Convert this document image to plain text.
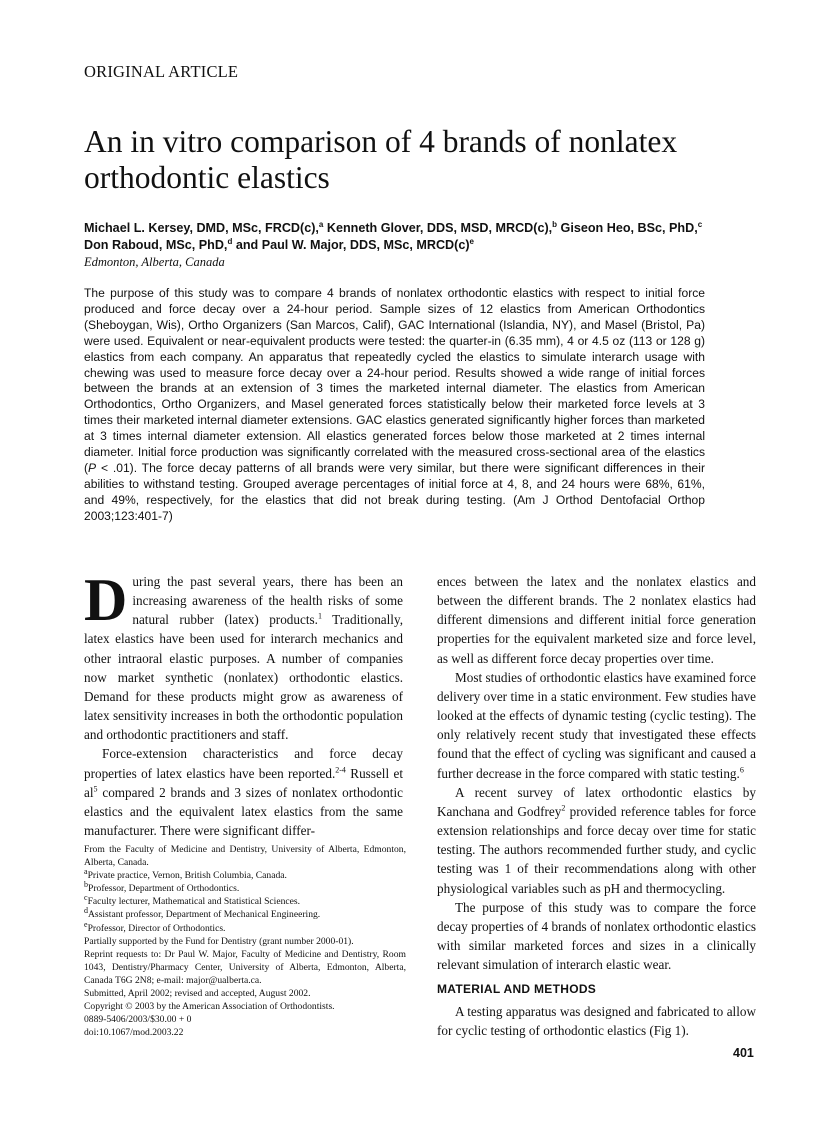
ORIGINAL ARTICLE
An in vitro comparison of 4 brands of nonlatex orthodontic elastics
Michael L. Kersey, DMD, MSc, FRCD(c),$^a$ Kenneth Glover, DDS, MSD, MRCD(c),$^b$ Giseon Heo, BSc, PhD,$^c$
Don Raboud, MSc, PhD,$^d$ and Paul W. Major, DDS, MSc, $MRCD(c)^e$
Edmonton, Alberta, Canada
The purpose of this study was to compare 4 brands of nonlatex orthodontic elastics with respect to initial force produced and force decay over a 24-hour period. Sample sizes of 12 elastics from American Orthodontics (Sheboygan, Wis), Ortho Organizers (San Marcos, Calif), GAC International (Islandia, NY), and Masel (Bristol, Pa) were used. Equivalent or near-equivalent products were tested: the quarter-in (6.35 mm), 4 or 4.5 oz (113 or 128 g) elastics from each company. An apparatus that repeatedly cycled the elastics to simulate interarch usage with chewing was used to measure force decay over a 24-hour period. Results showed a wide range of initial forces between the brands at an extension of 3 times the marketed internal diameter. The elastics from American Orthodontics, Ortho Organizers, and Masel generated forces statistically below their marketed force levels at 3 times their marketed internal diameter extensions. GAC elastics generated significantly higher forces than marketed at 3 times internal diameter extension. All elastics generated forces below those marketed at 2 times internal diameter. Initial force production was significantly correlated with the measured cross-sectional area of the elastics (P < .01). The force decay patterns of all brands were very similar, but there were significant differences in their abilities to withstand testing. Grouped average percentages of initial force at 4, 8, and 24 hours were 68%, 61%, and 49%, respectively, for the elastics that did not break during testing. (Am J Orthod Dentofacial Orthop 2003;123:401-7)

During the past several years, there has been an increasing awareness of the health risks of some natural rubber (latex) products.$^1$ Traditionally, latex elastics have been used for interarch mechanics and other intraoral elastic purposes. A number of companies now market synthetic (nonlatex) orthodontic elastics. Demand for these products might grow as awareness of latex sensitivity increases in both the orthodontic population and orthodontic practitioners and staff.

Force-extension characteristics and force decay properties of latex elastics have been reported.$^{2-4}$ Russell et $al^5$ compared 2 brands and 3 sizes of nonlatex orthodontic elastics and the equivalent latex elastics from the same manufacturer. There were significant differ-

From the Faculty of Medicine and Dentistry, University of Alberta, Edmonton, Alberta, Canada.
$^a$Private practice, Vernon, British Columbia, Canada.
$^b$Professor, Department of Orthodontics.
$^c$Faculty lecturer, Mathematical and Statistical Sciences.
$^d$Assistant professor, Department of Mechanical Engineering.
$^e$Professor, Director of Orthodontics.
Partially supported by the Fund for Dentistry (grant number 2000-01).
Reprint requests to: Dr Paul W. Major, Faculty of Medicine and Dentistry, Room 1043, Dentistry/Pharmacy Center, University of Alberta, Edmonton, Alberta, Canada T6G 2N8; e-mail: major@ualberta.ca.
Submitted, April 2002; revised and accepted, August 2002.
Copyright © 2003 by the American Association of Orthodontists.
0889-5406/2003/$30.00 + 0
doi:10.1067/mod.2003.22

ences between the latex and the nonlatex elastics and between the different brands. The 2 nonlatex elastics had different dimensions and different initial force generation properties for the equivalent marketed size and force level, as well as different force decay properties over time.

Most studies of orthodontic elastics have examined force delivery over time in a static environment. Few studies have looked at the effects of dynamic testing (cyclic testing). The only relatively recent study that investigated these effects found that the effect of cycling was significant and caused a further decrease in the force compared with static testing.$^6$

A recent survey of latex orthodontic elastics by Kanchana and Godfrey$^2$ provided reference tables for force extension relationships and force decay over time for static testing. The authors recommended further study, and cyclic testing was 1 of their recommendations along with other physiological variables such as pH and thermocycling.

The purpose of this study was to compare the force decay properties of 4 brands of nonlatex orthodontic elastics with similar marketed forces and sizes in a clinically relevant simulation of interarch elastic wear.

MATERIAL AND METHODS

A testing apparatus was designed and fabricated to allow for cyclic testing of orthodontic elastics (Fig 1).

401
